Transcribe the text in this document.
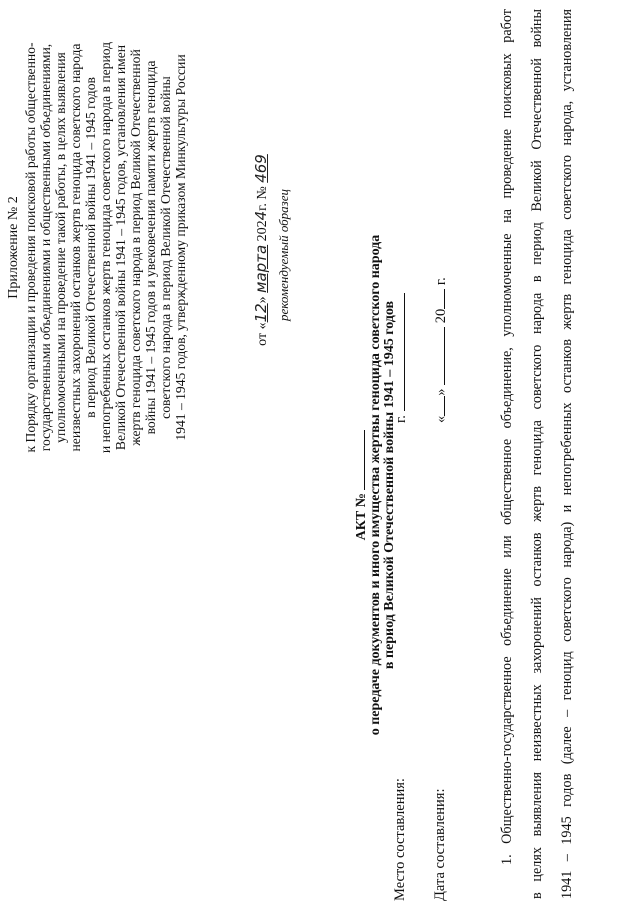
Приложение № 2 к Порядку организации и проведения поисковой работы общественно- государственными объединениями и общественными объединениями, уполномоченными на проведение такой работы, в целях выявления неизвестных захоронений останков жертв геноцида советского народа в период Великой Отечественной войны 1941 – 1945 годов и непогребенных останков жертв геноцида советского народа в период Великой Отечественной войны 1941 – 1945 годов, установления имен жертв геноцида советского народа в период Великой Отечественной войны 1941 – 1945 годов и увековечения памяти жертв геноцида советского народа в период Великой Отечественной войны 1941 – 1945 годов, утвержденному приказом Минкультуры России	от «12» марта 2024г. № 469
рекомендуемый образец
АКТ № о передаче документов и иного имущества жертвы геноцида советского народа в период Великой Отечественной войны 1941 – 1945 годов
Место составления:
г.
Дата составления:
«»  20 г.	1. Общественно-государственное объединение или общественное объединение, уполномоченные на проведение поисковых работ в целях выявления неизвестных захоронений останков жертв геноцида советского народа в период Великой Отечественной войны 1941 – 1945 годов (далее – геноцид советского народа) и непогребенных останков жертв геноцида советского народа, установления
